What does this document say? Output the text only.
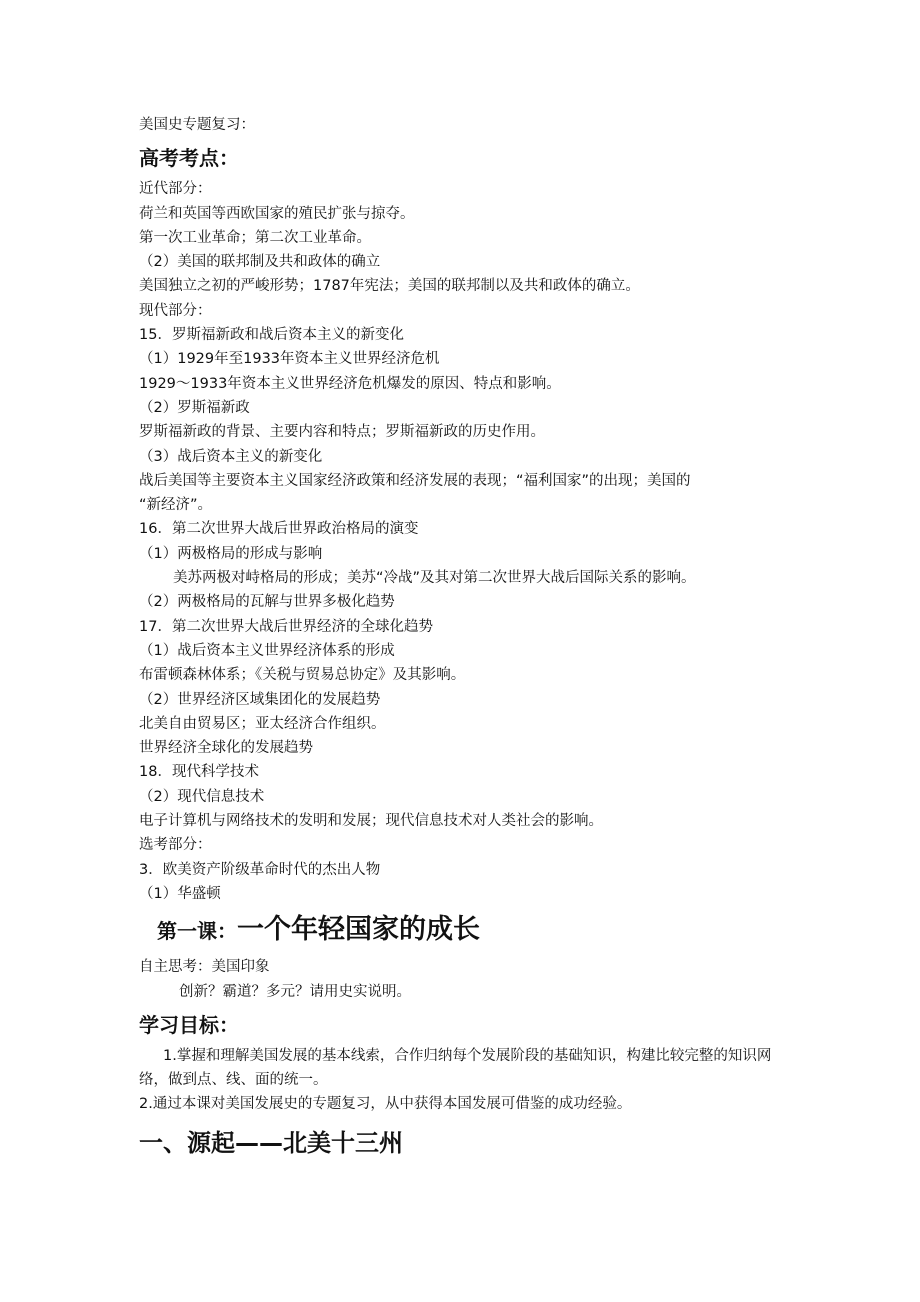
美国史专题复习：
高考考点：
近代部分：
荷兰和英国等西欧国家的殖民扩张与掠夺。
第一次工业革命；第二次工业革命。
（2）美国的联邦制及共和政体的确立
美国独立之初的严峻形势；1787年宪法；美国的联邦制以及共和政体的确立。
现代部分：
15．罗斯福新政和战后资本主义的新变化
（1）1929年至1933年资本主义世界经济危机
1929～1933年资本主义世界经济危机爆发的原因、特点和影响。
（2）罗斯福新政
罗斯福新政的背景、主要内容和特点；罗斯福新政的历史作用。
（3）战后资本主义的新变化
战后美国等主要资本主义国家经济政策和经济发展的表现；“福利国家”的出现；美国的
“新经济”。
16．第二次世界大战后世界政治格局的演变
（1）两极格局的形成与影响
美苏两极对峙格局的形成；美苏“冷战”及其对第二次世界大战后国际关系的影响。
（2）两极格局的瓦解与世界多极化趋势
17．第二次世界大战后世界经济的全球化趋势
（1）战后资本主义世界经济体系的形成
布雷顿森林体系；《关税与贸易总协定》及其影响。
（2）世界经济区域集团化的发展趋势
北美自由贸易区；亚太经济合作组织。
世界经济全球化的发展趋势
18．现代科学技术
（2）现代信息技术
电子计算机与网络技术的发明和发展；现代信息技术对人类社会的影响。
选考部分：
3．欧美资产阶级革命时代的杰出人物
（1）华盛顿
第一课：一个年轻国家的成长
自主思考：美国印象
创新？霸道？多元？请用史实说明。
学习目标：
1.掌握和理解美国发展的基本线索，合作归纳每个发展阶段的基础知识，构建比较完整的知识网络，做到点、线、面的统一。
2.通过本课对美国发展史的专题复习，从中获得本国发展可借鉴的成功经验。
一、源起——北美十三州
